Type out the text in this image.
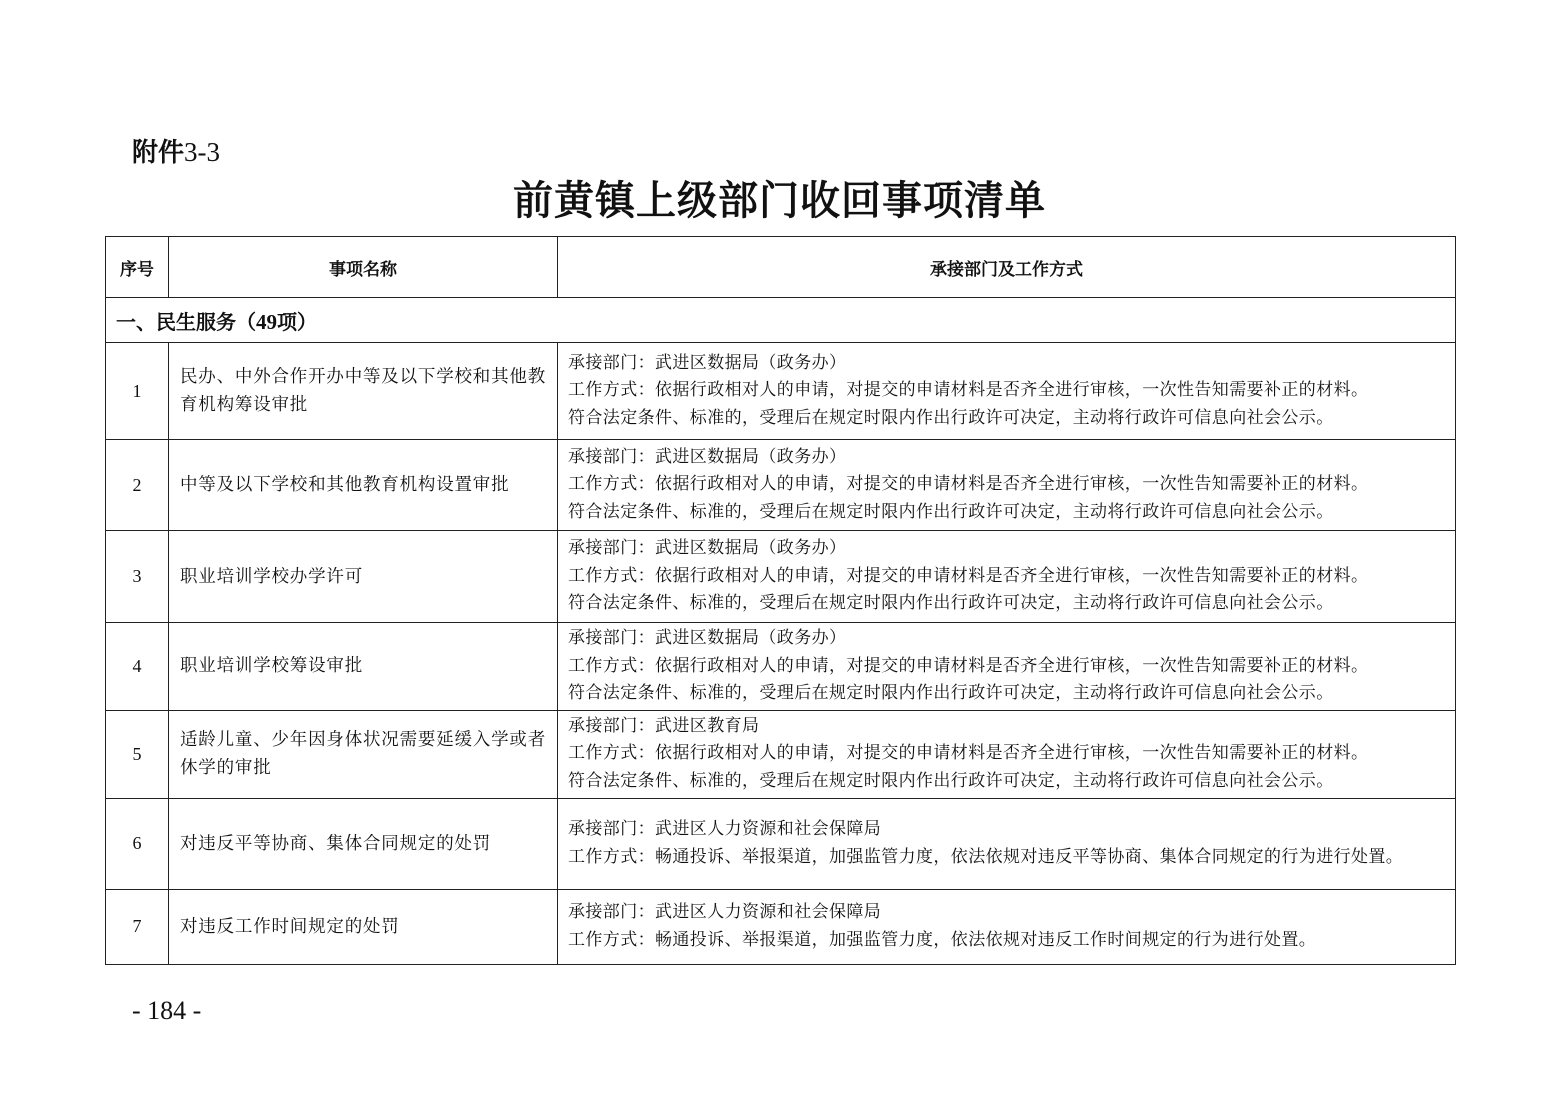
附件3-3
前黄镇上级部门收回事项清单
序号	事项名称	承接部门及工作方式
一、民生服务（49项）		
1	民办、中外合作开办中等及以下学校和其他教育机构筹设审批	承接部门：武进区数据局（政务办）
工作方式：依据行政相对人的申请，对提交的申请材料是否齐全进行审核，一次性告知需要补正的材料。
符合法定条件、标准的，受理后在规定时限内作出行政许可决定，主动将行政许可信息向社会公示。

2	中等及以下学校和其他教育机构设置审批	承接部门：武进区数据局（政务办）
工作方式：依据行政相对人的申请，对提交的申请材料是否齐全进行审核，一次性告知需要补正的材料。
符合法定条件、标准的，受理后在规定时限内作出行政许可决定，主动将行政许可信息向社会公示。

3	职业培训学校办学许可	承接部门：武进区数据局（政务办）
工作方式：依据行政相对人的申请，对提交的申请材料是否齐全进行审核，一次性告知需要补正的材料。
符合法定条件、标准的，受理后在规定时限内作出行政许可决定，主动将行政许可信息向社会公示。

4	职业培训学校筹设审批	承接部门：武进区数据局（政务办）
工作方式：依据行政相对人的申请，对提交的申请材料是否齐全进行审核，一次性告知需要补正的材料。
符合法定条件、标准的，受理后在规定时限内作出行政许可决定，主动将行政许可信息向社会公示。

5	适龄儿童、少年因身体状况需要延缓入学或者休学的审批	承接部门：武进区教育局
工作方式：依据行政相对人的申请，对提交的申请材料是否齐全进行审核，一次性告知需要补正的材料。
符合法定条件、标准的，受理后在规定时限内作出行政许可决定，主动将行政许可信息向社会公示。

6	对违反平等协商、集体合同规定的处罚	承接部门：武进区人力资源和社会保障局
工作方式：畅通投诉、举报渠道，加强监管力度，依法依规对违反平等协商、集体合同规定的行为进行处置。

7	对违反工作时间规定的处罚	承接部门：武进区人力资源和社会保障局
工作方式：畅通投诉、举报渠道，加强监管力度，依法依规对违反工作时间规定的行为进行处置。
- 184 -
